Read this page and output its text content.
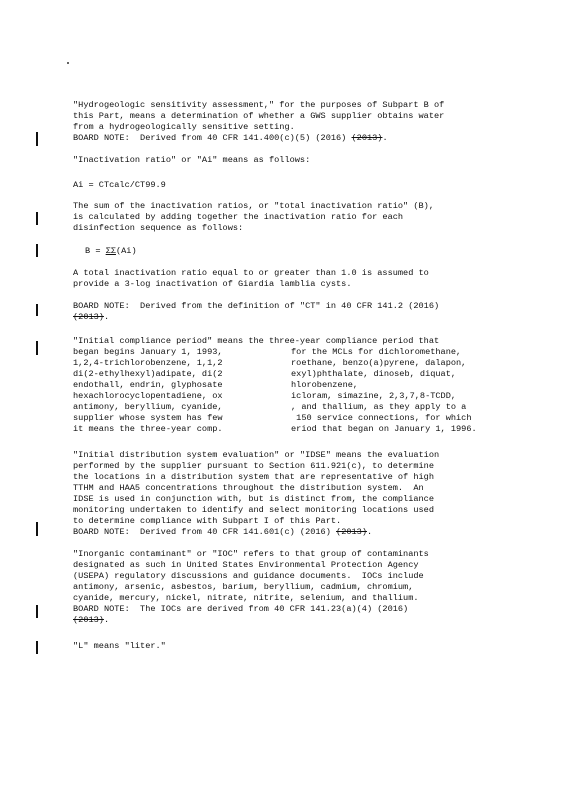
"Hydrogeologic sensitivity assessment," for the purposes of Subpart B of
this Part, means a determination of whether a GWS supplier obtains water
from a hydrogeologically sensitive setting.
BOARD NOTE:  Derived from 40 CFR 141.400(c)(5) (2016) (2013).
"Inactivation ratio" or "Ai" means as follows:
Ai = CTcalc/CT99.9
The sum of the inactivation ratios, or "total inactivation ratio" (B),
is calculated by adding together the inactivation ratio for each
disinfection sequence as follows:
B = ΣΣ(Ai)
A total inactivation ratio equal to or greater than 1.0 is assumed to
provide a 3-log inactivation of Giardia lamblia cysts.
BOARD NOTE:  Derived from the definition of "CT" in 40 CFR 141.2 (2016)
(2013).
"Initial compliance period" means the three-year compliance period that
began begins January 1, 1993,
1,2,4-trichlorobenzene, 1,1,2
di(2-ethylhexyl)adipate, di(2
endothall, endrin, glyphosate
hexachlorocyclopentadiene, ox
antimony, beryllium, cyanide,
supplier whose system has few
it means the three-year comp.
for the MCLs for dichloromethane,
roethane, benzo(a)pyrene, dalapon,
exyl)phthalate, dinoseb, diquat,
hlorobenzene,
icloram, simazine, 2,3,7,8-TCDD,
, and thallium, as they apply to a
150 service connections, for which
eriod that began on January 1, 1996.
"Initial distribution system evaluation" or "IDSE" means the evaluation
performed by the supplier pursuant to Section 611.921(c), to determine
the locations in a distribution system that are representative of high
TTHM and HAA5 concentrations throughout the distribution system.  An
IDSE is used in conjunction with, but is distinct from, the compliance
monitoring undertaken to identify and select monitoring locations used
to determine compliance with Subpart I of this Part.
BOARD NOTE:  Derived from 40 CFR 141.601(c) (2016) (2013).
"Inorganic contaminant" or "IOC" refers to that group of contaminants
designated as such in United States Environmental Protection Agency
(USEPA) regulatory discussions and guidance documents.  IOCs include
antimony, arsenic, asbestos, barium, beryllium, cadmium, chromium,
cyanide, mercury, nickel, nitrate, nitrite, selenium, and thallium.
BOARD NOTE:  The IOCs are derived from 40 CFR 141.23(a)(4) (2016)
(2013).
"L" means "liter."
